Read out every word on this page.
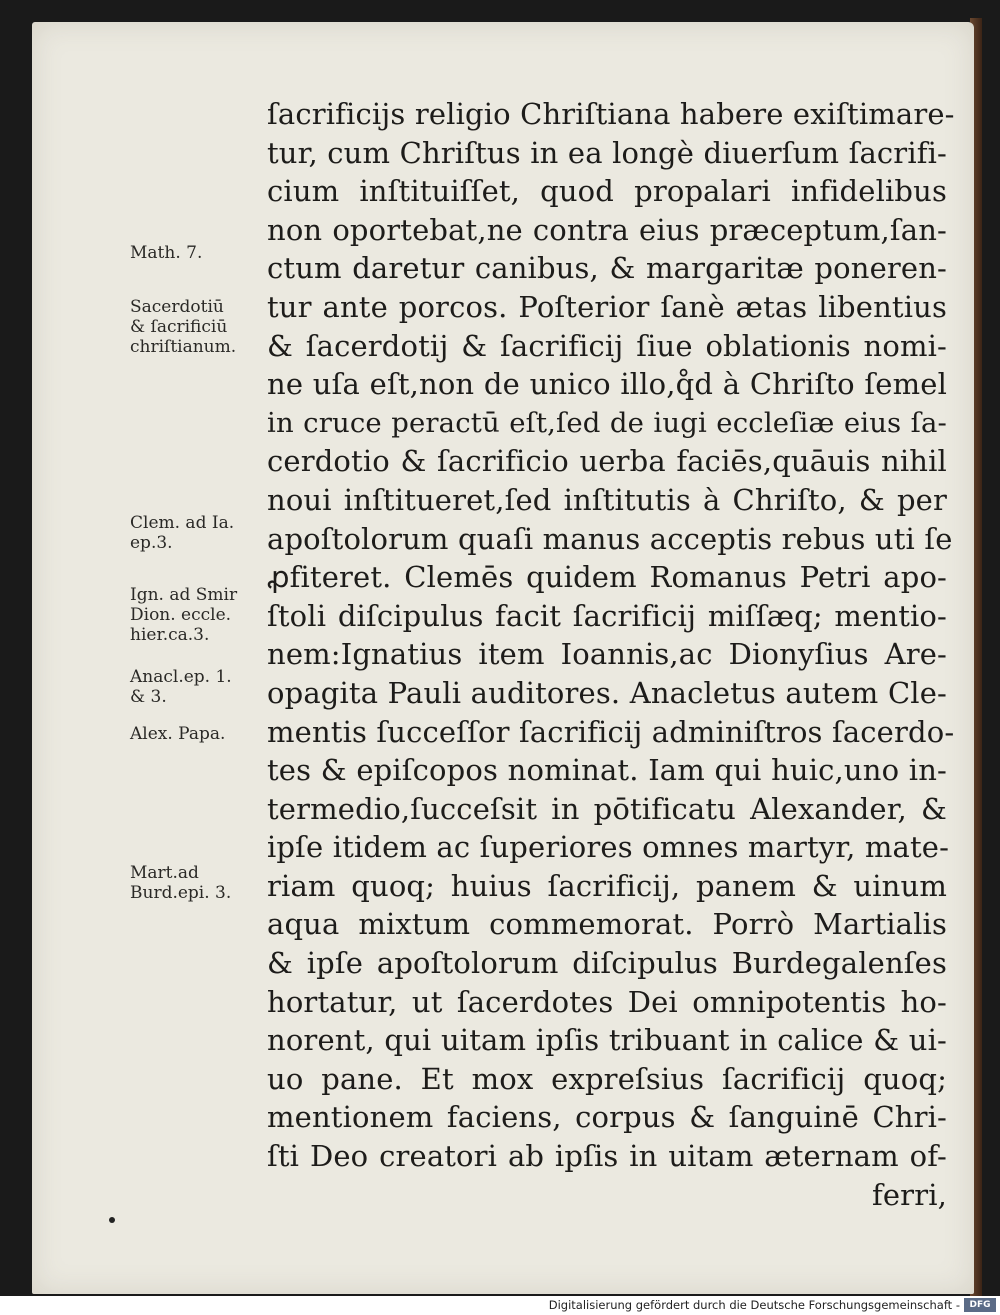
Math. 7.
Sacerdotiū
& ſacrificiū
chriſtianum.
Clem. ad Ia.
ep.3.
Ign. ad Smir
Dion. eccle.
hier.ca.3.
Anacl.ep. 1.
& 3.
Alex. Papa.
Mart.ad
Burd.epi. 3.
ſacrificijs religio Chriſtiana habere exiſtimare-
tur, cum Chriſtus in ea longè diuerſum ſacrifi-
cium inſtituiſſet, quod propalari infidelibus
non oportebat,ne contra eius præceptum,ſan-
ctum daretur canibus, & margaritæ poneren-
tur ante porcos. Poſterior ſanè ætas libentius
& ſacerdotij & ſacrificij ſiue oblationis nomi-
ne uſa eſt,non de unico illo,q̊d à Chriſto ſemel
in cruce peractū eſt,ſed de iugi eccleſiæ eius ſa-
cerdotio & ſacrificio uerba faciēs,quāuis nihil
noui inſtitueret,ſed inſtitutis à Chriſto, & per
apoſtolorum quaſi manus acceptis rebus uti ſe
ꝓfiteret. Clemēs quidem Romanus Petri apo-
ſtoli diſcipulus facit ſacrificij miſſæq; mentio-
nem:Ignatius item Ioannis,ac Dionyſius Are-
opagita Pauli auditores. Anacletus autem Cle-
mentis ſucceſſor ſacrificij adminiſtros ſacerdo-
tes & epiſcopos nominat. Iam qui huic,uno in-
termedio,ſucceſsit in pōtificatu Alexander, &
ipſe itidem ac ſuperiores omnes martyr, mate-
riam quoq; huius ſacrificij, panem & uinum
aqua mixtum commemorat. Porrò Martialis
& ipſe apoſtolorum diſcipulus Burdegalenſes
hortatur, ut ſacerdotes Dei omnipotentis ho-
norent, qui uitam ipſis tribuant in calice & ui-
uo pane. Et mox expreſsius ſacrificij quoq;
mentionem faciens, corpus & ſanguinē Chri-
ſti Deo creatori ab ipſis in uitam æternam of-
ferri,
Digitalisierung gefördert durch die Deutsche Forschungsgemeinschaft -	DFG
